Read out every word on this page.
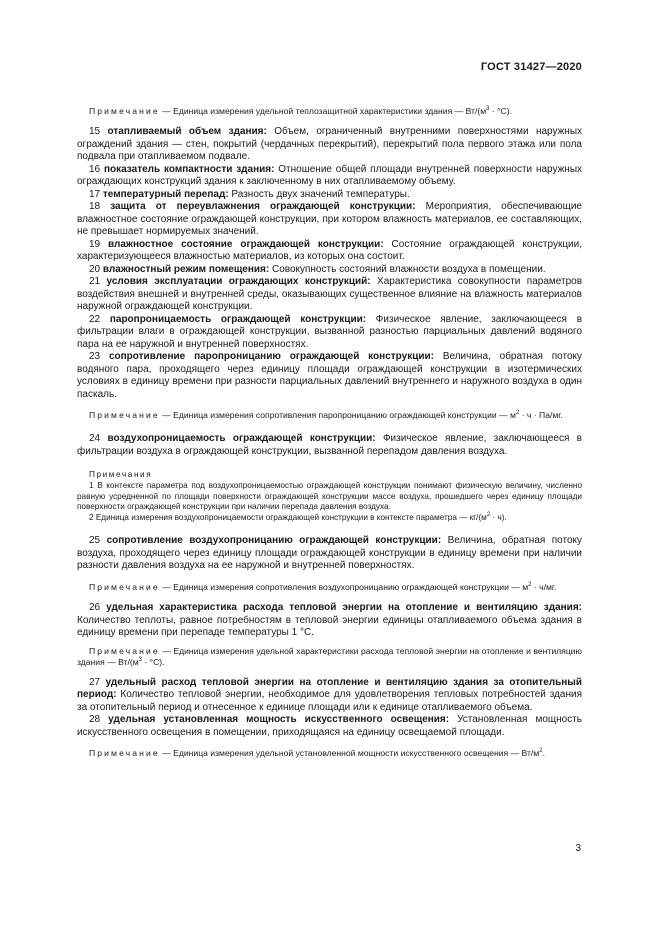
ГОСТ 31427—2020

Примечание — Единица измерения удельной теплозащитной характеристики здания — $Вт/(м^3 \cdot ^\circ С)$.

15 отапливаемый объем здания: Объем, ограниченный внутренними поверхностями наружных ограждений здания — стен, покрытий (чердачных перекрытий), перекрытий пола первого этажа или пола подвала при отапливаемом подвале.

16 показатель компактности здания: Отношение общей площади внутренней поверхности наружных ограждающих конструкций здания к заключенному в них отапливаемому объему.

17 температурный перепад: Разность двух значений температуры.

18 защита от переувлажнения ограждающей конструкции: Мероприятия, обеспечивающие влажностное состояние ограждающей конструкции, при котором влажность материалов, ее составляющих, не превышает нормируемых значений.

19 влажностное состояние ограждающей конструкции: Состояние ограждающей конструкции, характеризующееся влажностью материалов, из которых она состоит.

20 влажностный режим помещения: Совокупность состояний влажности воздуха в помещении.

21 условия эксплуатации ограждающих конструкций: Характеристика совокупности параметров воздействия внешней и внутренней среды, оказывающих существенное влияние на влажность материалов наружной ограждающей конструкции.

22 паропроницаемость ограждающей конструкции: Физическое явление, заключающееся в фильтрации влаги в ограждающей конструкции, вызванной разностью парциальных давлений водяного пара на ее наружной и внутренней поверхностях.

23 сопротивление паропроницанию ограждающей конструкции: Величина, обратная потоку водяного пара, проходящего через единицу площади ограждающей конструкции в изотермических условиях в единицу времени при разности парциальных давлений внутреннего и наружного воздуха в один паскаль.

Примечание — Единица измерения сопротивления паропроницанию ограждающей конструкции — $м^2 \cdot ч \cdot Па/мг$.

24 воздухопроницаемость ограждающей конструкции: Физическое явление, заключающееся в фильтрации воздуха в ограждающей конструкции, вызванной перепадом давления воздуха.

Примечания

1 В контексте параметра под воздухопроницаемостью ограждающей конструкции понимают физическую величину, численно равную усредненной по площади поверхности ограждающей конструкции массе воздуха, прошедшего через единицу площади поверхности ограждающей конструкции при наличии перепада давления воздуха.

2 Единица измерения воздухопроницаемости ограждающей конструкции в контексте параметра — $кг/(м^2 \cdot ч)$.

25 сопротивление воздухопроницанию ограждающей конструкции: Величина, обратная потоку воздуха, проходящего через единицу площади ограждающей конструкции в единицу времени при наличии разности давления воздуха на ее наружной и внутренней поверхностях.

Примечание — Единица измерения сопротивления воздухопроницанию ограждающей конструкции — $м^2 \cdot ч/мг$.

26 удельная характеристика расхода тепловой энергии на отопление и вентиляцию здания: Количество теплоты, равное потребностям в тепловой энергии единицы отапливаемого объема здания в единицу времени при перепаде температуры 1 °С.

Примечание — Единица измерения удельной характеристики расхода тепловой энергии на отопление и вентиляцию здания — $Вт/(м^3 \cdot ^\circ С)$.

27 удельный расход тепловой энергии на отопление и вентиляцию здания за отопительный период: Количество тепловой энергии, необходимое для удовлетворения тепловых потребностей здания за отопительный период и отнесенное к единице площади или к единице отапливаемого объема.

28 удельная установленная мощность искусственного освещения: Установленная мощность искусственного освещения в помещении, приходящаяся на единицу освещаемой площади.

Примечание — Единица измерения удельной установленной мощности искусственного освещения — $Вт/м^2$.

3
